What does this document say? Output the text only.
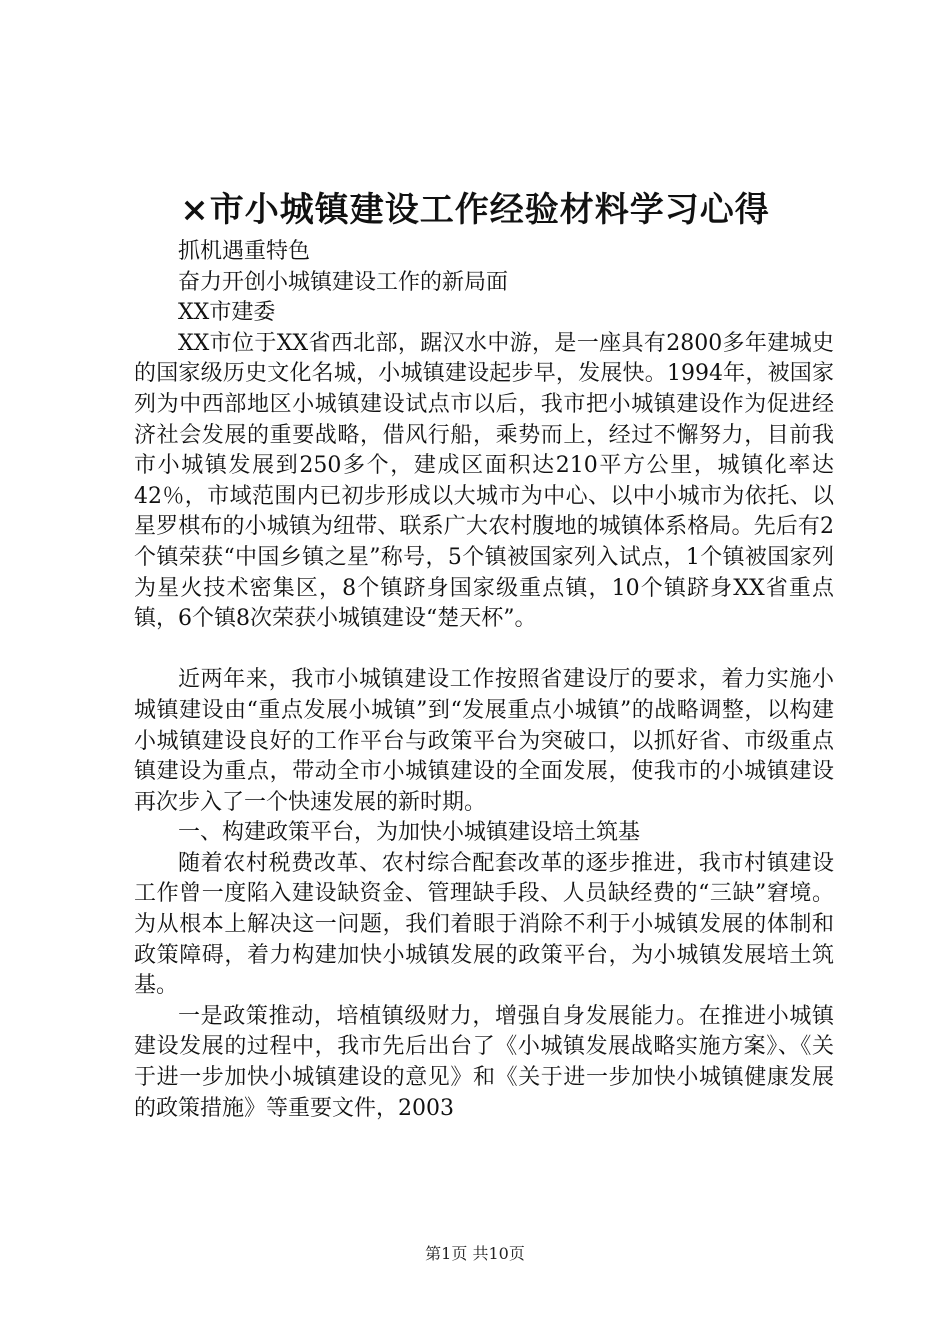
×市小城镇建设工作经验材料学习心得

抓机遇重特色

奋力开创小城镇建设工作的新局面

XX市建委

XX市位于XX省西北部，踞汉水中游，是一座具有2800多年建城史的国家级历史文化名城，小城镇建设起步早，发展快。1994年，被国家列为中西部地区小城镇建设试点市以后，我市把小城镇建设作为促进经济社会发展的重要战略，借风行船，乘势而上，经过不懈努力，目前我市小城镇发展到250多个，建成区面积达210平方公里，城镇化率达42％，市域范围内已初步形成以大城市为中心、以中小城市为依托、以星罗棋布的小城镇为纽带、联系广大农村腹地的城镇体系格局。先后有2个镇荣获“中国乡镇之星”称号，5个镇被国家列入试点，1个镇被国家列为星火技术密集区，8个镇跻身国家级重点镇，10个镇跻身XX省重点镇，6个镇8次荣获小城镇建设“楚天杯”。

近两年来，我市小城镇建设工作按照省建设厅的要求，着力实施小城镇建设由“重点发展小城镇”到“发展重点小城镇”的战略调整，以构建小城镇建设良好的工作平台与政策平台为突破口，以抓好省、市级重点镇建设为重点，带动全市小城镇建设的全面发展，使我市的小城镇建设再次步入了一个快速发展的新时期。

一、构建政策平台，为加快小城镇建设培土筑基

随着农村税费改革、农村综合配套改革的逐步推进，我市村镇建设工作曾一度陷入建设缺资金、管理缺手段、人员缺经费的“三缺”窘境。为从根本上解决这一问题，我们着眼于消除不利于小城镇发展的体制和政策障碍，着力构建加快小城镇发展的政策平台，为小城镇发展培土筑基。

一是政策推动，培植镇级财力，增强自身发展能力。在推进小城镇建设发展的过程中，我市先后出台了《小城镇发展战略实施方案》、《关于进一步加快小城镇建设的意见》和《关于进一步加快小城镇健康发展的政策措施》等重要文件，2003

第1页 共10页
